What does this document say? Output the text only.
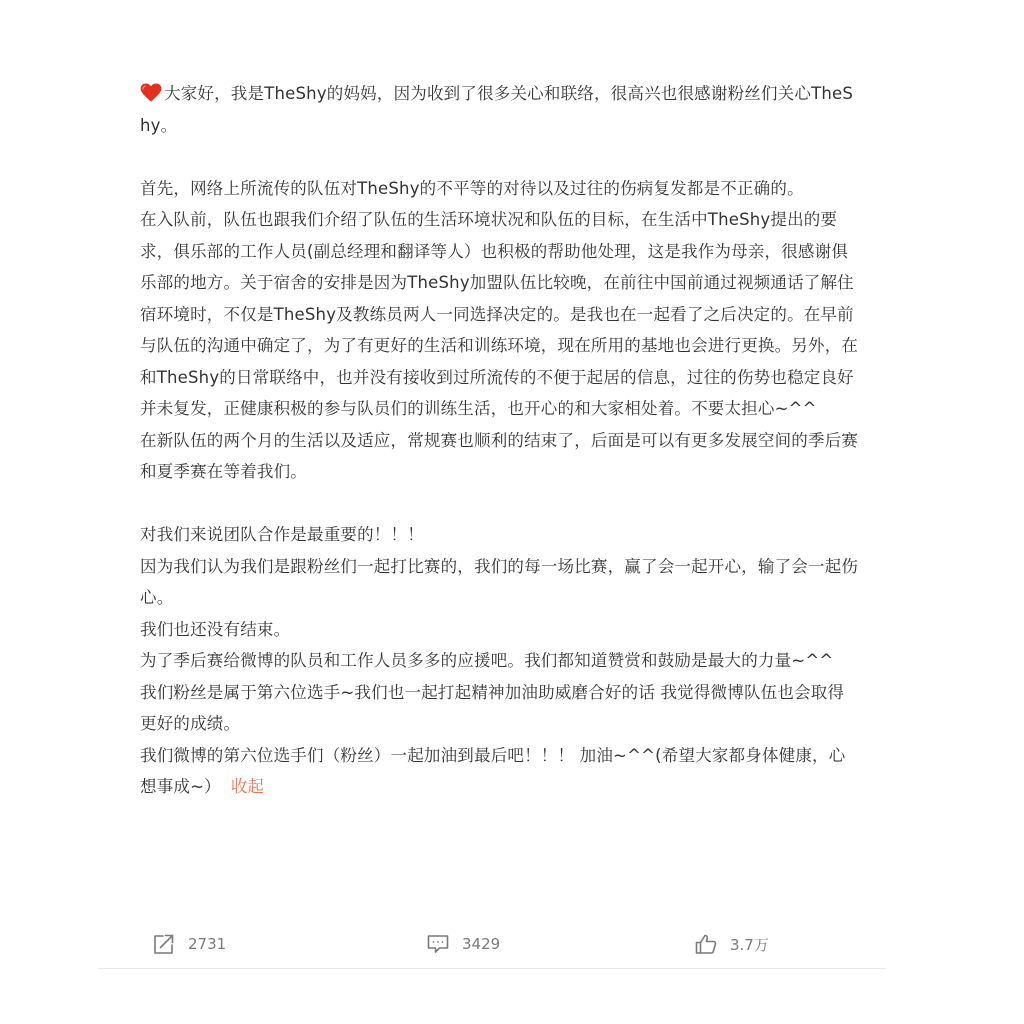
大家好，我是TheShy的妈妈，因为收到了很多关心和联络，很高兴也很感谢粉丝们关心TheShy。

首先，网络上所流传的队伍对TheShy的不平等的对待以及过往的伤病复发都是不正确的。

在入队前，队伍也跟我们介绍了队伍的生活环境状况和队伍的目标，在生活中TheShy提出的要求，俱乐部的工作人员(副总经理和翻译等人）也积极的帮助他处理，这是我作为母亲，很感谢俱乐部的地方。关于宿舍的安排是因为TheShy加盟队伍比较晚，在前往中国前通过视频通话了解住宿环境时，不仅是TheShy及教练员两人一同选择决定的。是我也在一起看了之后决定的。在早前与队伍的沟通中确定了，为了有更好的生活和训练环境，现在所用的基地也会进行更换。另外，在和TheShy的日常联络中，也并没有接收到过所流传的不便于起居的信息，过往的伤势也稳定良好并未复发，正健康积极的参与队员们的训练生活，也开心的和大家相处着。不要太担心~^^

在新队伍的两个月的生活以及适应，常规赛也顺利的结束了，后面是可以有更多发展空间的季后赛和夏季赛在等着我们。

对我们来说团队合作是最重要的！！！

因为我们认为我们是跟粉丝们一起打比赛的，我们的每一场比赛，赢了会一起开心，输了会一起伤心。

我们也还没有结束。

为了季后赛给微博的队员和工作人员多多的应援吧。我们都知道赞赏和鼓励是最大的力量~^^

我们粉丝是属于第六位选手~我们也一起打起精神加油助威磨合好的话 我觉得微博队伍也会取得更好的成绩。

我们微博的第六位选手们（粉丝）一起加油到最后吧！！！ 加油~^^(希望大家都身体健康，心想事成~） 收起

2731	3429	3.7万
